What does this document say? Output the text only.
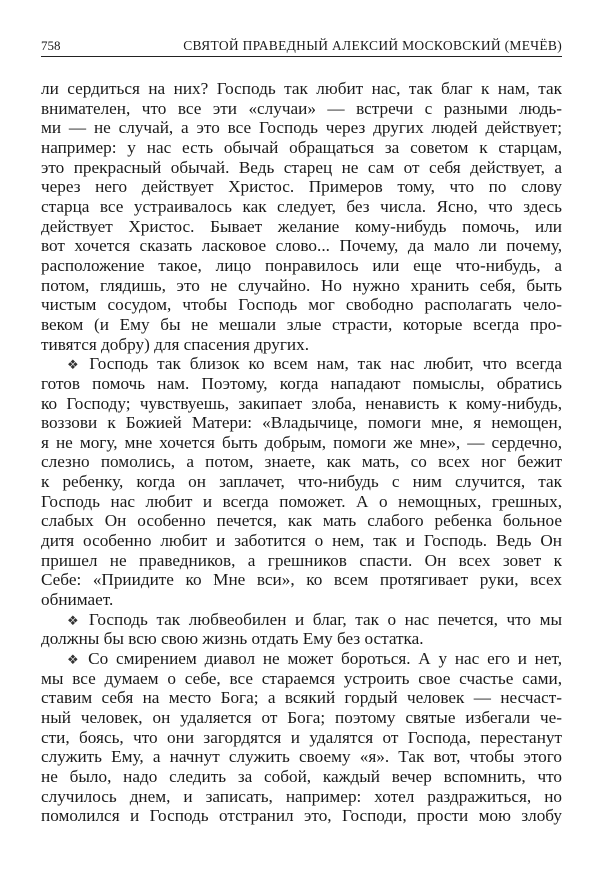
758	СВЯТОЙ ПРАВЕДНЫЙ АЛЕКСИЙ МОСКОВСКИЙ (МЕЧЁВ)
ли сердиться на них? Господь так любит нас, так благ к нам, так
внимателен, что все эти «случаи» — встречи с разными людь-
ми — не случай, а это все Господь через других людей действует;
например: у нас есть обычай обращаться за советом к старцам,
это прекрасный обычай. Ведь старец не сам от себя действует, а
через него действует Христос. Примеров тому, что по слову
старца все устраивалось как следует, без числа. Ясно, что здесь
действует Христос. Бывает желание кому-нибудь помочь, или
вот хочется сказать ласковое слово... Почему, да мало ли почему,
расположение такое, лицо понравилось или еще что-нибудь, а
потом, глядишь, это не случайно. Но нужно хранить себя, быть
чистым сосудом, чтобы Господь мог свободно располагать чело-
веком (и Ему бы не мешали злые страсти, которые всегда про-
тивятся добру) для спасения других.
❖ Господь так близок ко всем нам, так нас любит, что всегда
готов помочь нам. Поэтому, когда нападают помыслы, обратись
ко Господу; чувствуешь, закипает злоба, ненависть к кому-нибудь,
воззови к Божией Матери: «Владычице, помоги мне, я немощен,
я не могу, мне хочется быть добрым, помоги же мне», — сердечно,
слезно помолись, а потом, знаете, как мать, со всех ног бежит
к ребенку, когда он заплачет, что-нибудь с ним случится, так
Господь нас любит и всегда поможет. А о немощных, грешных,
слабых Он особенно печется, как мать слабого ребенка больное
дитя особенно любит и заботится о нем, так и Господь. Ведь Он
пришел не праведников, а грешников спасти. Он всех зовет к
Себе: «Приидите ко Мне вси», ко всем протягивает руки, всех
обнимает.
❖ Господь так любвеобилен и благ, так о нас печется, что мы
должны бы всю свою жизнь отдать Ему без остатка.
❖ Со смирением диавол не может бороться. А у нас его и нет,
мы все думаем о себе, все стараемся устроить свое счастье сами,
ставим себя на место Бога; а всякий гордый человек — несчаст-
ный человек, он удаляется от Бога; поэтому святые избегали че-
сти, боясь, что они загордятся и удалятся от Господа, перестанут
служить Ему, а начнут служить своему «я». Так вот, чтобы этого
не было, надо следить за собой, каждый вечер вспомнить, что
случилось днем, и записать, например: хотел раздражиться, но
помолился и Господь отстранил это, Господи, прости мою злобу
